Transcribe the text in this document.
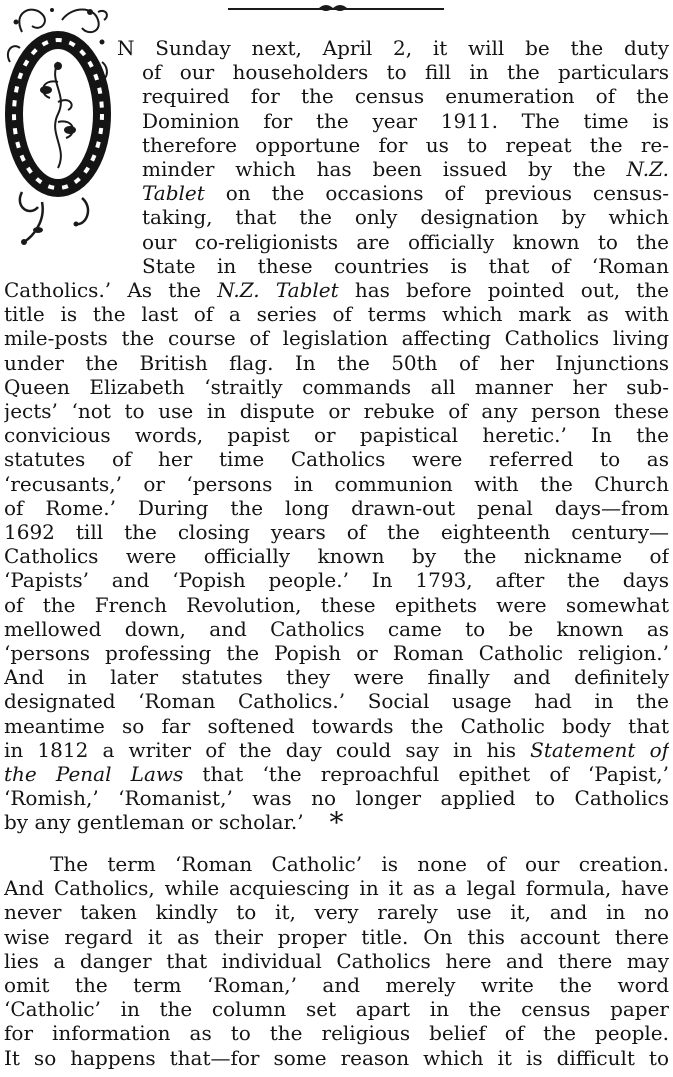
N Sunday next, April 2, it will be the duty
of our householders to fill in the particulars
required for the census enumeration of the
Dominion for the year 1911. The time is
therefore opportune for us to repeat the re-
minder which has been issued by the N.Z.
Tablet on the occasions of previous census-
taking, that the only designation by which
our co-religionists are officially known to the
State in these countries is that of ‘Roman
Catholics.’ As the N.Z. Tablet has before pointed out, the
title is the last of a series of terms which mark as with
mile-posts the course of legislation affecting Catholics living
under the British flag. In the 50th of her Injunctions
Queen Elizabeth ‘straitly commands all manner her sub-
jects’ ‘not to use in dispute or rebuke of any person these
convicious words, papist or papistical heretic.’ In the
statutes of her time Catholics were referred to as
‘recusants,’ or ‘persons in communion with the Church
of Rome.’ During the long drawn-out penal days—from
1692 till the closing years of the eighteenth century—
Catholics were officially known by the nickname of
‘Papists’ and ‘Popish people.’ In 1793, after the days
of the French Revolution, these epithets were somewhat
mellowed down, and Catholics came to be known as
‘persons professing the Popish or Roman Catholic religion.’
And in later statutes they were finally and definitely
designated ‘Roman Catholics.’ Social usage had in the
meantime so far softened towards the Catholic body that
in 1812 a writer of the day could say in his Statement of
the Penal Laws that ‘the reproachful epithet of ‘Papist,’
‘Romish,’ ‘Romanist,’ was no longer applied to Catholics
by any gentleman or scholar.’ *
The term ‘Roman Catholic’ is none of our creation.
And Catholics, while acquiescing in it as a legal formula, have
never taken kindly to it, very rarely use it, and in no
wise regard it as their proper title. On this account there
lies a danger that individual Catholics here and there may
omit the term ‘Roman,’ and merely write the word
‘Catholic’ in the column set apart in the census paper
for information as to the religious belief of the people.
It so happens that—for some reason which it is difficult to
